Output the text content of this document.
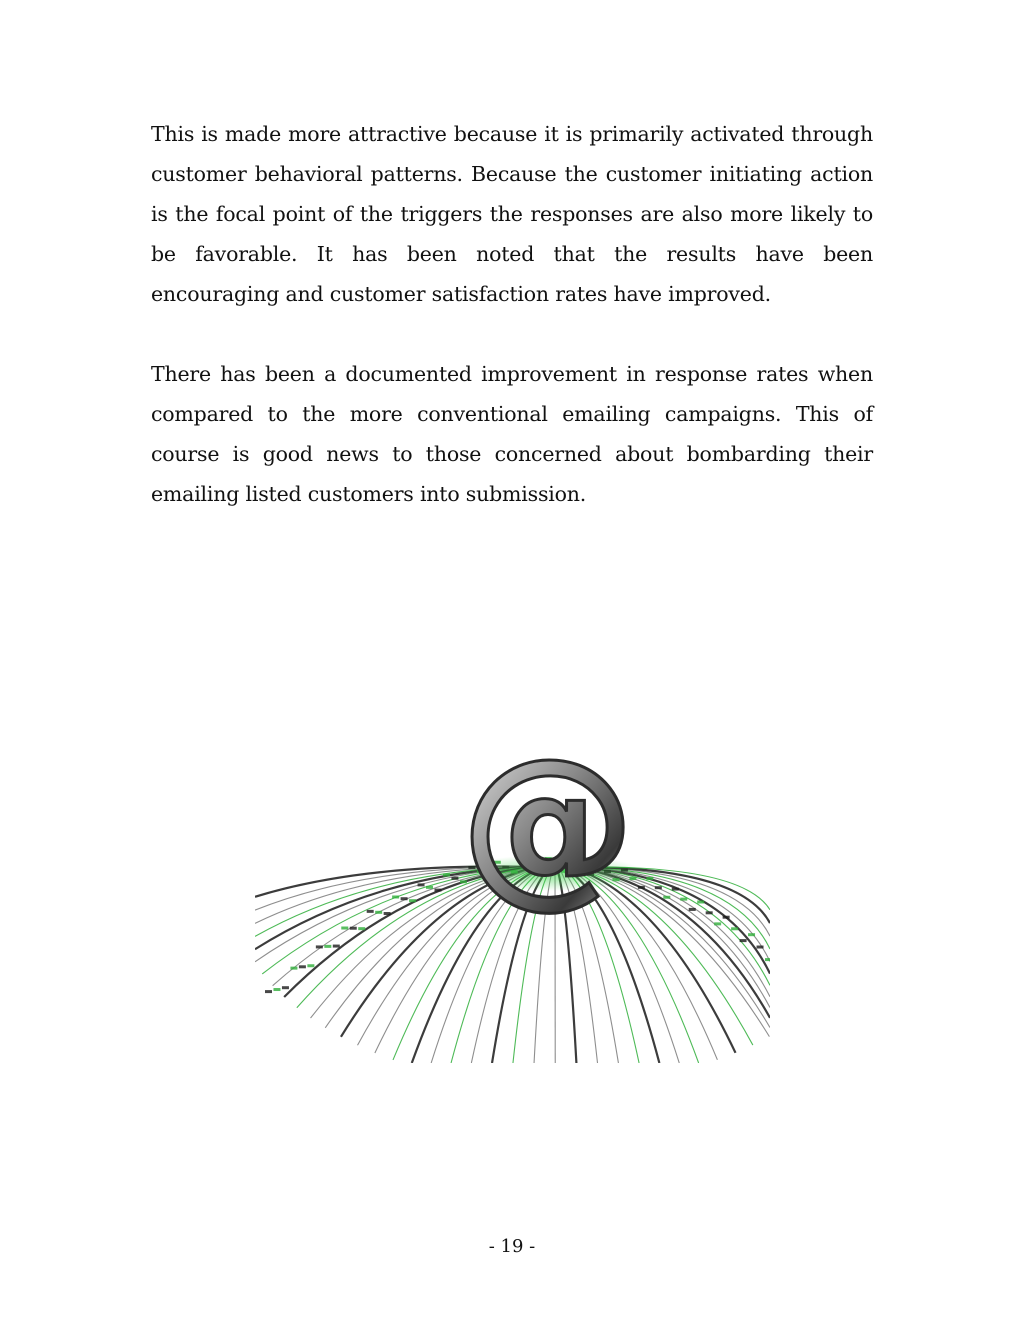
This is made more attractive because it is primarily activated through customer behavioral patterns. Because the customer initiating action is the focal point of the triggers the responses are also more likely to be favorable. It has been noted that the results have been encouraging and customer satisfaction rates have improved.

There has been a documented improvement in response rates when compared to the more conventional emailing campaigns. This of course is good news to those concerned about bombarding their emailing listed customers into submission.

@
- 19 -
